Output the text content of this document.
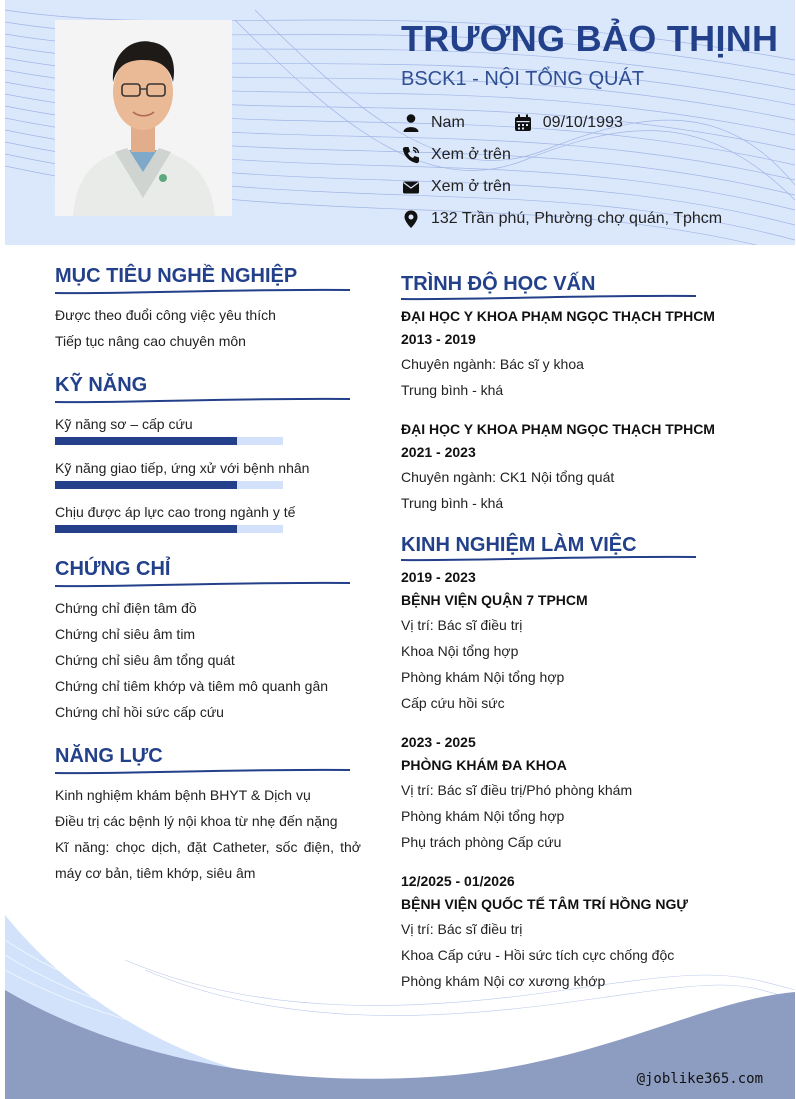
TRƯƠNG BẢO THỊNH
BSCK1 - NỘI TỔNG QUÁT
Nam	09/10/1993
Xem ở trên
Xem ở trên
132 Trần phú, Phường chợ quán, Tphcm
MỤC TIÊU NGHỀ NGHIỆP
Được theo đuổi công việc yêu thích
Tiếp tục nâng cao chuyên môn
KỸ NĂNG
Kỹ năng sơ – cấp cứu
Kỹ năng giao tiếp, ứng xử với bệnh nhân
Chịu được áp lực cao trong ngành y tế
CHỨNG CHỈ
Chứng chỉ điện tâm đồ
Chứng chỉ siêu âm tim
Chứng chỉ siêu âm tổng quát
Chứng chỉ tiêm khớp và tiêm mô quanh gân
Chứng chỉ hồi sức cấp cứu
NĂNG LỰC
Kinh nghiệm khám bệnh BHYT & Dịch vụ
Điều trị các bệnh lý nội khoa từ nhẹ đến nặng
Kĩ năng: chọc dịch, đặt Catheter, sốc điện, thở máy cơ bản, tiêm khớp, siêu âm
TRÌNH ĐỘ HỌC VẤN
ĐẠI HỌC Y KHOA PHẠM NGỌC THẠCH TPHCM
2013 - 2019
Chuyên ngành: Bác sĩ y khoa
Trung bình - khá
ĐẠI HỌC Y KHOA PHẠM NGỌC THẠCH TPHCM
2021 - 2023
Chuyên ngành: CK1 Nội tổng quát
Trung bình - khá
KINH NGHIỆM LÀM VIỆC
2019 - 2023
BỆNH VIỆN QUẬN 7 TPHCM
Vị trí: Bác sĩ điều trị
Khoa Nội tổng hợp
Phòng khám Nội tổng hợp
Cấp cứu hồi sức
2023 - 2025
PHÒNG KHÁM ĐA KHOA
Vị trí: Bác sĩ điều trị/Phó phòng khám
Phòng khám Nội tổng hợp
Phụ trách phòng Cấp cứu
12/2025 - 01/2026
BỆNH VIỆN QUỐC TẾ TÂM TRÍ HỒNG NGỰ
Vị trí: Bác sĩ điều trị
Khoa Cấp cứu - Hồi sức tích cực chống độc
Phòng khám Nội cơ xương khớp
@joblike365.com
